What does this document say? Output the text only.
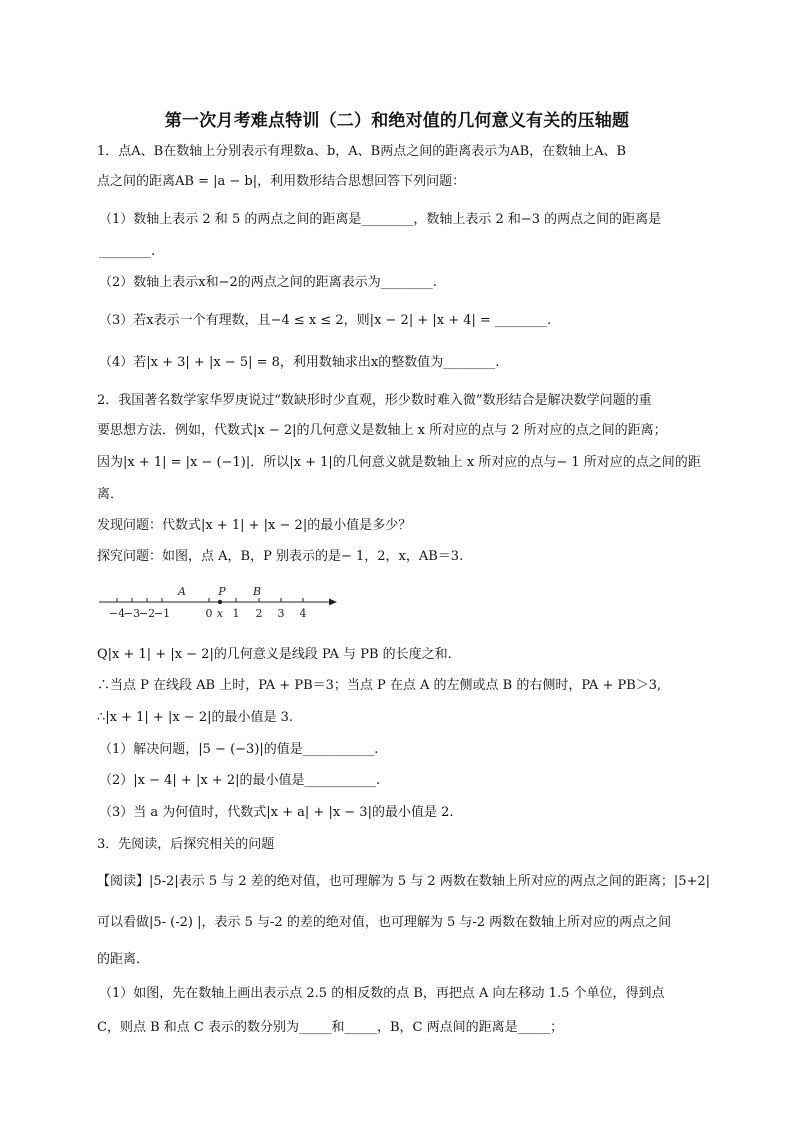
第一次月考难点特训（二）和绝对值的几何意义有关的压轴题
1．点A、B在数轴上分别表示有理数a、b，A、B两点之间的距离表示为AB，在数轴上A、B
点之间的距离AB = |a − b|，利用数形结合思想回答下列问题：
（1）数轴上表示 2 和 5 的两点之间的距离是________，数轴上表示 2 和−3 的两点之间的距离是
________.
（2）数轴上表示x和−2的两点之间的距离表示为________.
（3）若x表示一个有理数，且−4 ≤ x ≤ 2，则|x − 2| + |x + 4| = ________.
（4）若|x + 3| + |x − 5| = 8，利用数轴求出x的整数值为________.
2．我国著名数学家华罗庚说过“数缺形时少直观，形少数时难入微”数形结合是解决数学问题的重
要思想方法．例如，代数式|x − 2|的几何意义是数轴上 x 所对应的点与 2 所对应的点之间的距离；
因为|x + 1| = |x − (−1)|．所以|x + 1|的几何意义就是数轴上 x 所对应的点与− 1 所对应的点之间的距
离．
发现问题：代数式|x + 1| + |x − 2|的最小值是多少？
探究问题：如图，点 A，B，P 别表示的是− 1，2，x，AB＝3.
−4
−3
−2
−1	0 x 1 2 3 4
A	P B
Q|x + 1| + |x − 2|的几何意义是线段 PA 与 PB 的长度之和.
∴当点 P 在线段 AB 上时，PA + PB＝3；当点 P 在点 A 的左侧或点 B 的右侧时，PA + PB＞3,
∴|x + 1| + |x − 2|的最小值是 3.
（1）解决问题，|5 − (−3)|的值是___________.
（2）|x − 4| + |x + 2|的最小值是___________.
（3）当 a 为何值时，代数式|x + a| + |x − 3|的最小值是 2.
3．先阅读，后探究相关的问题
【阅读】|5-2|表示 5 与 2 差的绝对值，也可理解为 5 与 2 两数在数轴上所对应的两点之间的距离；|5+2|
可以看做|5- (-2) |，表示 5 与-2 的差的绝对值，也可理解为 5 与-2 两数在数轴上所对应的两点之间
的距离．
（1）如图，先在数轴上画出表示点 2.5 的相反数的点 B，再把点 A 向左移动 1.5 个单位，得到点
C，则点 B 和点 C 表示的数分别为_____和_____，B，C 两点间的距离是_____；
